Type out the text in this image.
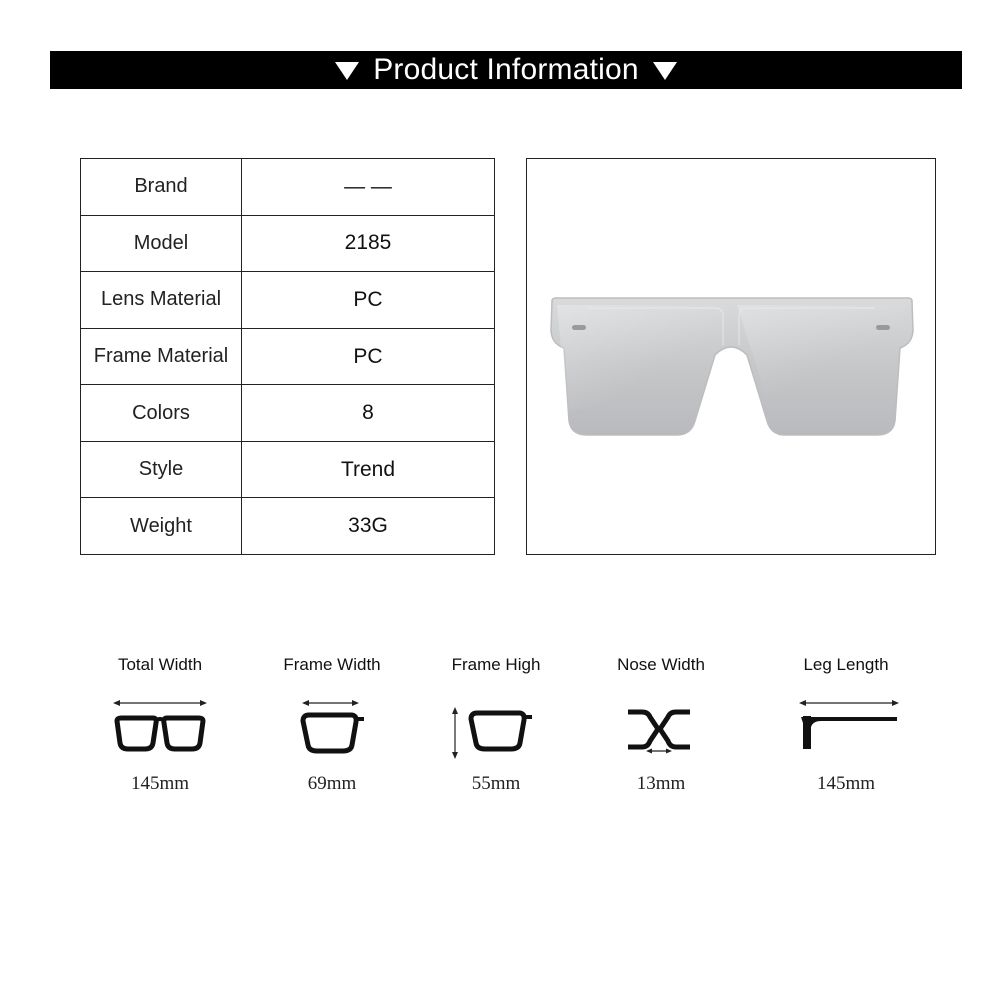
Product Information
Brand	— —
Model	2185
Lens Material	PC
Frame Material	PC
Colors	8
Style	Trend
Weight	33G
Total Width
145mm
Frame Width
69mm
Frame High
55mm
Nose Width
13mm
Leg Length
145mm
